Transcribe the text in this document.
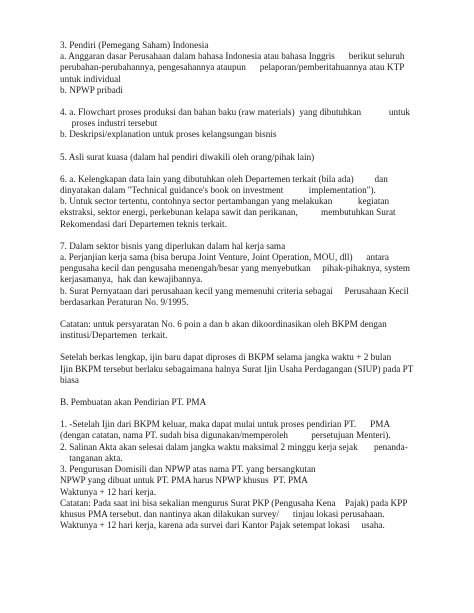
3. Pendiri (Pemegang Saham) Indonesia
a. Anggaran dasar Perusahaan dalam bahasa Indonesia atau bahasa Inggris      berikut seluruh
perubahan-perubahannya, pengesahannya ataupun      pelaporan/pemberitahuannya atau KTP
untuk individual
b. NPWP pribadi
4. a. Flowchart proses produksi dan bahan baku (raw materials)  yang dibutuhkan            untuk
proses industri tersebut
b. Deskripsi/explanation untuk proses kelangsungan bisnis
5. Asli surat kuasa (dalam hal pendiri diwakili oleh orang/pihak lain)
6. a. Kelengkapan data lain yang dibutuhkan oleh Departemen terkait (bila ada)         dan
dinyatakan dalam "Technical guidance's book on investment           implementation").
b. Untuk sector tertentu, contohnya sector pertambangan yang melakukan           kegiatan
ekstraksi, sektor energi, perkebunan kelapa sawit dan perikanan,          membutuhkan Surat
Rekomendasi dari Departemen teknis terkait.
7. Dalam sektor bisnis yang diperlukan dalam hal kerja sama
a. Perjanjian kerja sama (bisa berupa Joint Venture, Joint Operation, MOU, dll)      antara
pengusaha kecil dan pengusaha menengah/besar yang menyebutkan     pihak-pihaknya, system
kerjasamanya,  hak dan kewajibannya.
b. Surat Pernyataan dari perusahaan kecil yang memenuhi criteria sebagai     Perusahaan Kecil
berdasarkan Peraturan No. 9/1995.
Catatan: untuk persyaratan No. 6 poin a dan b akan dikoordinasikan oleh BKPM dengan
institusi/Departemen  terkait.
Setelah berkas lengkap, ijin baru dapat diproses di BKPM selama jangka waktu + 2 bulan
Ijin BKPM tersebut berlaku sebagaimana halnya Surat Ijin Usaha Perdagangan (SIUP) pada PT
biasa
B. Pembuatan akan Pendirian PT. PMA
1. -Setelah Ijin dari BKPM keluar, maka dapat mulai untuk proses pendirian PT.      PMA
(dengan catatan, nama PT. sudah bisa digunakan/memperoleh          persetujuan Menteri).
2. Salinan Akta akan selesai dalam jangka waktu maksimal 2 minggu kerja sejak       penanda-
tanganan akta.
3. Pengurusan Domisili dan NPWP atas nama PT. yang bersangkutan
NPWP yang dibuat untuk PT. PMA harus NPWP khusus  PT. PMA
Waktunya + 12 hari kerja.
Catatan: Pada saat ini bisa sekalian mengurus Surat PKP (Pengusaha Kena    Pajak) pada KPP
khusus PMA tersebut. dan nantinya akan dilakukan survey/      tinjau lokasi perusahaan.
Waktunya + 12 hari kerja, karena ada survei dari Kantor Pajak setempat lokasi     usaha.
